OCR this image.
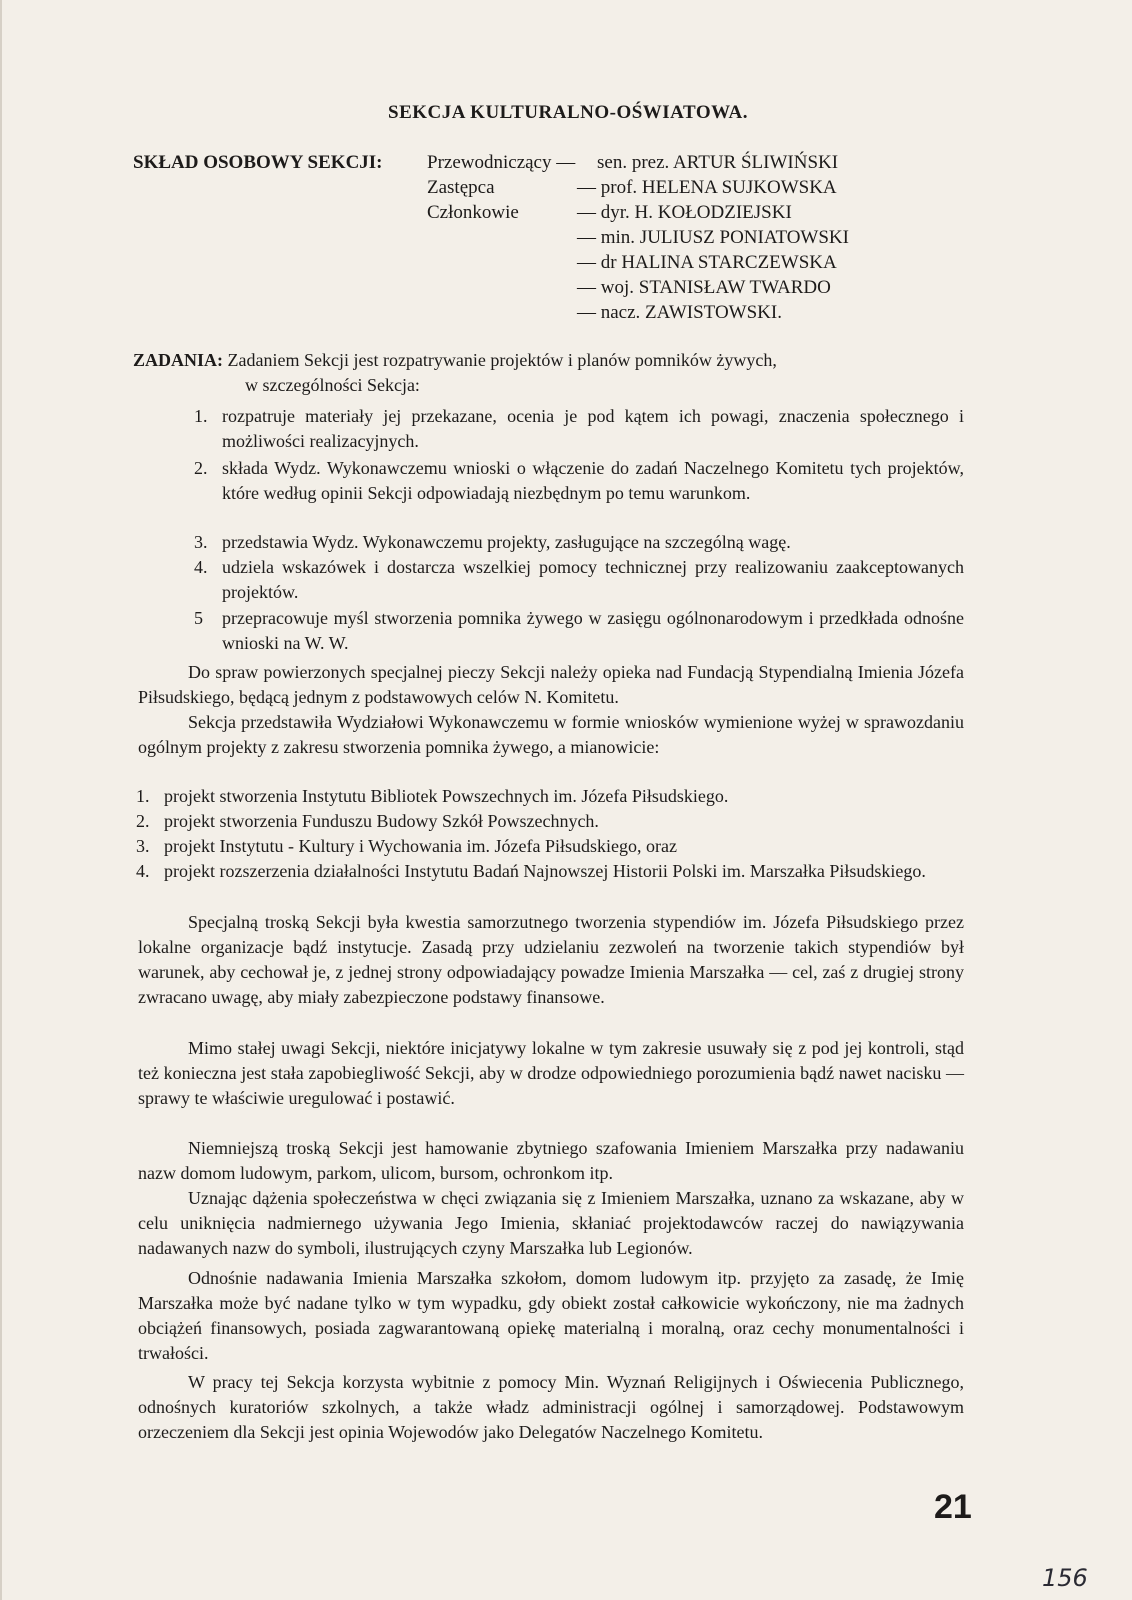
SEKCJA KULTURALNO-OŚWIATOWA.
SKŁAD OSOBOWY SEKCJI: Przewodniczący —
Zastępca
Członkowie
sen. prez. ARTUR ŚLIWIŃSKI
— prof. HELENA SUJKOWSKA
— dyr. H. KOŁODZIEJSKI
— min. JULIUSZ PONIATOWSKI
— dr HALINA STARCZEWSKA
— woj. STANISŁAW TWARDO
— nacz. ZAWISTOWSKI.
ZADANIA: Zadaniem Sekcji jest rozpatrywanie projektów i planów pomników żywych,
w szczególności Sekcja:
1. rozpatruje materiały jej przekazane, ocenia je pod kątem ich powagi, znaczenia społecznego i możliwości realizacyjnych.
2. składa Wydz. Wykonawczemu wnioski o włączenie do zadań Naczelnego Komitetu tych projektów, które według opinii Sekcji odpowiadają niezbędnym po temu warunkom.
3. przedstawia Wydz. Wykonawczemu projekty, zasługujące na szczególną wagę.
4. udziela wskazówek i dostarcza wszelkiej pomocy technicznej przy realizowaniu zaakceptowanych projektów.
5 przepracowuje myśl stworzenia pomnika żywego w zasięgu ogólnonarodowym i przedkłada odnośne wnioski na W. W.
Do spraw powierzonych specjalnej pieczy Sekcji należy opieka nad Fundacją Stypendialną Imienia Józefa Piłsudskiego, będącą jednym z podstawowych celów N. Komitetu.
Sekcja przedstawiła Wydziałowi Wykonawczemu w formie wniosków wymienione wyżej w sprawozdaniu ogólnym projekty z zakresu stworzenia pomnika żywego, a mianowicie:
1. projekt stworzenia Instytutu Bibliotek Powszechnych im. Józefa Piłsudskiego.
2. projekt stworzenia Funduszu Budowy Szkół Powszechnych.
3. projekt Instytutu - Kultury i Wychowania im. Józefa Piłsudskiego, oraz
4. projekt rozszerzenia działalności Instytutu Badań Najnowszej Historii Polski im. Marszałka Piłsudskiego.
Specjalną troską Sekcji była kwestia samorzutnego tworzenia stypendiów im. Józefa Piłsudskiego przez lokalne organizacje bądź instytucje. Zasadą przy udzielaniu zezwoleń na tworzenie takich stypendiów był warunek, aby cechował je, z jednej strony odpowiadający powadze Imienia Marszałka — cel, zaś z drugiej strony zwracano uwagę, aby miały zabezpieczone podstawy finansowe.
Mimo stałej uwagi Sekcji, niektóre inicjatywy lokalne w tym zakresie usuwały się z pod jej kontroli, stąd też konieczna jest stała zapobiegliwość Sekcji, aby w drodze odpowiedniego porozumienia bądź nawet nacisku — sprawy te właściwie uregulować i postawić.
Niemniejszą troską Sekcji jest hamowanie zbytniego szafowania Imieniem Marszałka przy nadawaniu nazw domom ludowym, parkom, ulicom, bursom, ochronkom itp.
Uznając dążenia społeczeństwa w chęci związania się z Imieniem Marszałka, uznano za wskazane, aby w celu uniknięcia nadmiernego używania Jego Imienia, skłaniać projektodawców raczej do nawiązywania nadawanych nazw do symboli, ilustrujących czyny Marszałka lub Legionów.
Odnośnie nadawania Imienia Marszałka szkołom, domom ludowym itp. przyjęto za zasadę, że Imię Marszałka może być nadane tylko w tym wypadku, gdy obiekt został całkowicie wykończony, nie ma żadnych obciążeń finansowych, posiada zagwarantowaną opiekę materialną i moralną, oraz cechy monumentalności i trwałości.
W pracy tej Sekcja korzysta wybitnie z pomocy Min. Wyznań Religijnych i Oświecenia Publicznego, odnośnych kuratoriów szkolnych, a także władz administracji ogólnej i samorządowej. Podstawowym orzeczeniem dla Sekcji jest opinia Wojewodów jako Delegatów Naczelnego Komitetu.
21
156
